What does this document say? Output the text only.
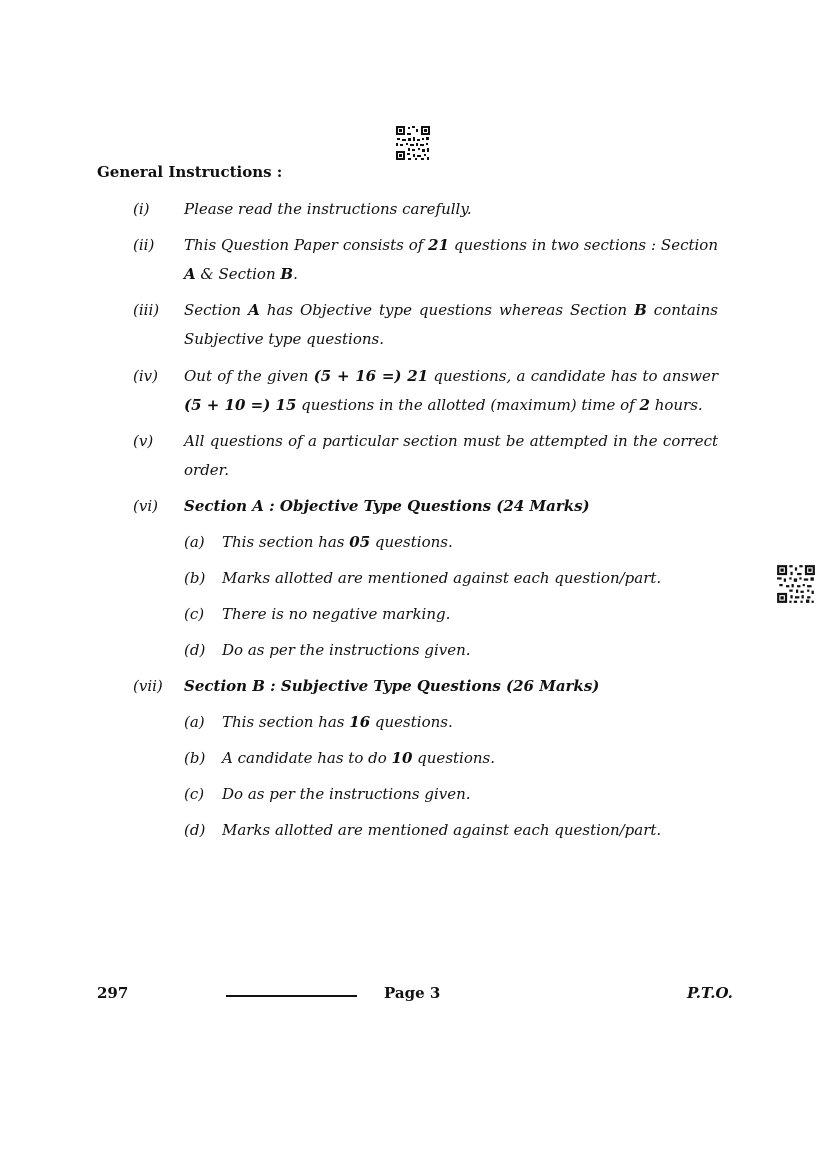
General Instructions :
(i) Please read the instructions carefully.
(ii) This Question Paper consists of 21 questions in two sections : Section A & Section B.
(iii) Section A has Objective type questions whereas Section B contains Subjective type questions.
(iv) Out of the given (5 + 16 =) 21 questions, a candidate has to answer (5 + 10 =) 15 questions in the allotted (maximum) time of 2 hours.
(v) All questions of a particular section must be attempted in the correct order.
(vi) Section A : Objective Type Questions (24 Marks)
(a) This section has 05 questions.
(b) Marks allotted are mentioned against each question/part.
(c) There is no negative marking.
(d) Do as per the instructions given.
(vii) Section B : Subjective Type Questions (26 Marks)
(a) This section has 16 questions.
(b) A candidate has to do 10 questions.
(c) Do as per the instructions given.
(d) Marks allotted are mentioned against each question/part.
297	Page 3	P.T.O.
